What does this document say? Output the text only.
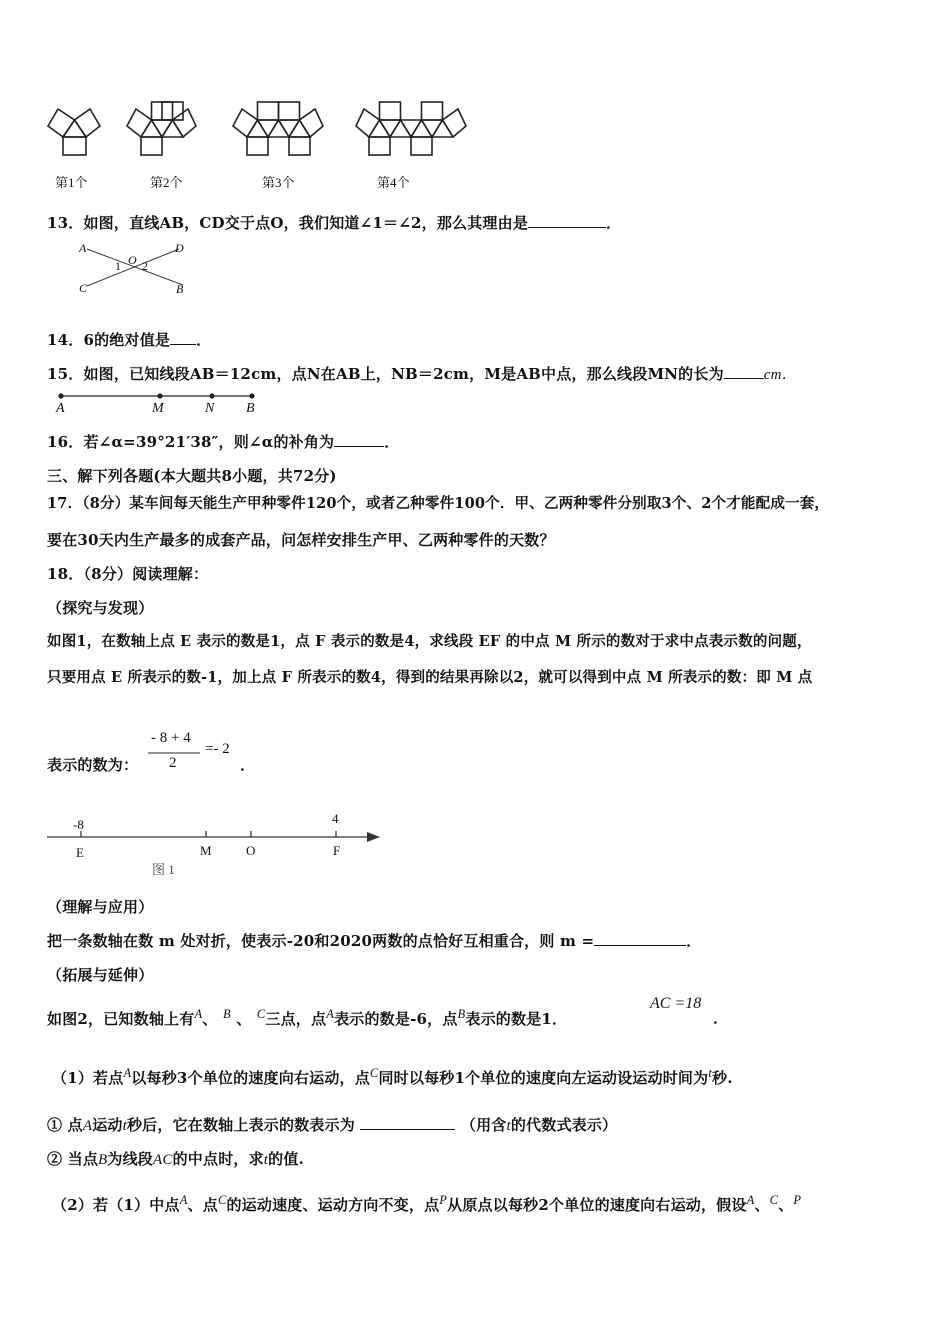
第1个	第2个	第3个	第4个
13．如图，直线AB，CD交于点O，我们知道∠1＝∠2，那么其理由是	．
A	D
C	B
O
1 2
14．6的绝对值是 ．
15．如图，已知线段AB＝12cm，点N在AB上，NB＝2cm，M是AB中点，那么线段MN的长为	cm．
A	M	N B
16．若∠α=39°21′38″，则∠α的补角为	．
三、解下列各题(本大题共8小题，共72分)
17．（8分）某车间每天能生产甲种零件120个，或者乙种零件100个．甲、乙两种零件分别取3个、2个才能配成一套，
要在30天内生产最多的成套产品，问怎样安排生产甲、乙两种零件的天数？
18．（8分）阅读理解：
（探究与发现）
如图1，在数轴上点 E 表示的数是1，点 F 表示的数是4，求线段 EF 的中点 M 所示的数对于求中点表示数的问题，
只要用点 E 所表示的数-1，加上点 F 所表示的数4，得到的结果再除以2，就可以得到中点 M 所表示的数：即 M 点
表示的数为：
- 8 + 4
2
=- 2
．
-8	4
E	M	O	F
图 1
（理解与应用）
把一条数轴在数 m 处对折，使表示-20和2020两数的点恰好互相重合，则 m =	．
（拓展与延伸）
如图2，已知数轴上有$^A$、 $^B$ 、 $^C$三点，点$^A$表示的数是-6，点$^B$表示的数是1．
AC =18
．
（1）若点$^A$以每秒3个单位的速度向右运动，点$^C$同时以每秒1个单位的速度向左运动设运动时间为$^t$秒.
① 点A运动t秒后，它在数轴上表示的数表示为	（用含t的代数式表示）
② 当点B为线段AC的中点时，求t的值.
（2）若（1）中点$^A$、点$^C$的运动速度、运动方向不变，点$^P$从原点以每秒2个单位的速度向右运动，假设$^A$、$^C$、$^P$
